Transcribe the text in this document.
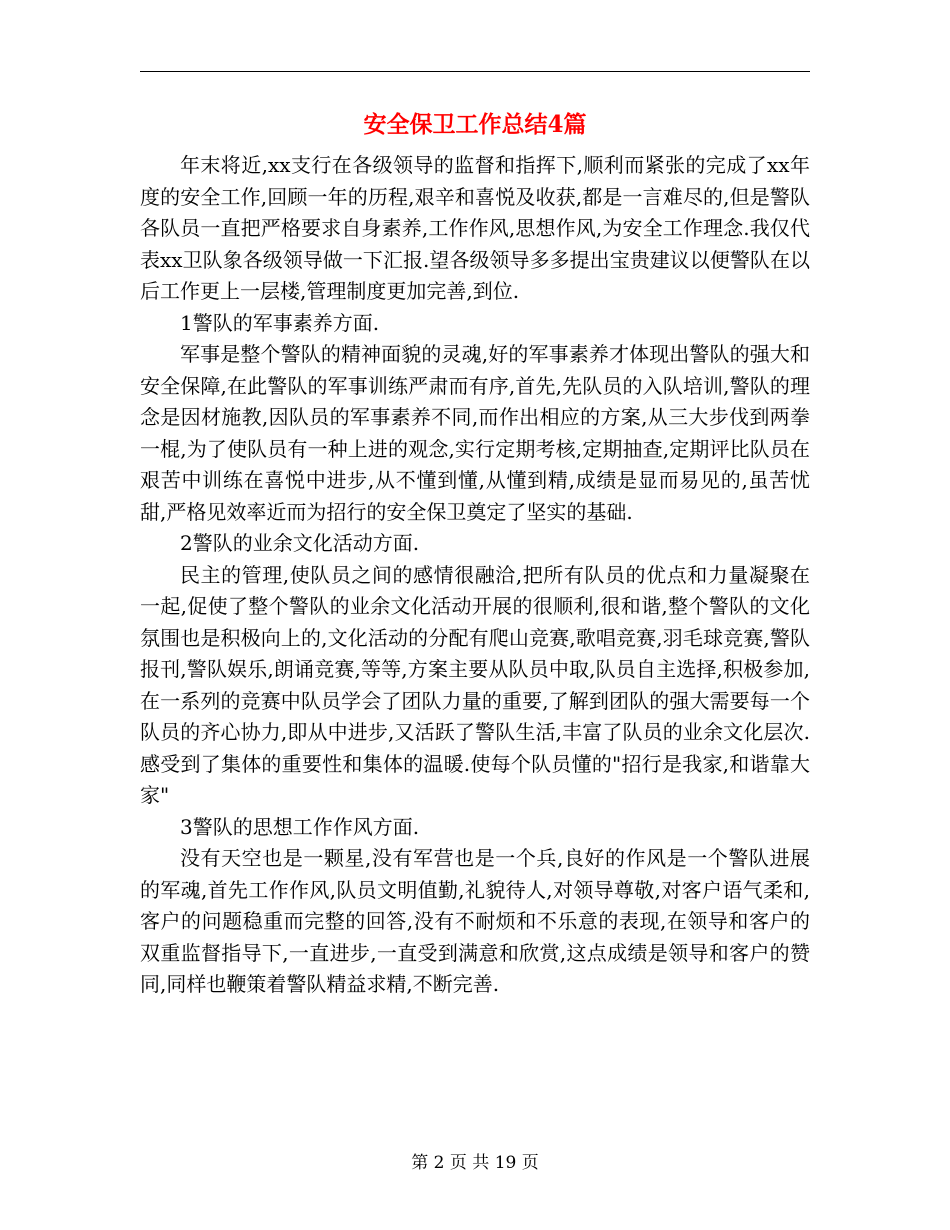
安全保卫工作总结4篇

年末将近,xx支行在各级领导的监督和指挥下,顺利而紧张的完成了xx年度的安全工作,回顾一年的历程,艰辛和喜悦及收获,都是一言难尽的,但是警队各队员一直把严格要求自身素养,工作作风,思想作风,为安全工作理念.我仅代表xx卫队象各级领导做一下汇报.望各级领导多多提出宝贵建议以便警队在以后工作更上一层楼,管理制度更加完善,到位.

1警队的军事素养方面.

军事是整个警队的精神面貌的灵魂,好的军事素养才体现出警队的强大和安全保障,在此警队的军事训练严肃而有序,首先,先队员的入队培训,警队的理念是因材施教,因队员的军事素养不同,而作出相应的方案,从三大步伐到两拳一棍,为了使队员有一种上进的观念,实行定期考核,定期抽查,定期评比队员在艰苦中训练在喜悦中进步,从不懂到懂,从懂到精,成绩是显而易见的,虽苦忧甜,严格见效率近而为招行的安全保卫奠定了坚实的基础.

2警队的业余文化活动方面.

民主的管理,使队员之间的感情很融洽,把所有队员的优点和力量凝聚在一起,促使了整个警队的业余文化活动开展的很顺利,很和谐,整个警队的文化氛围也是积极向上的,文化活动的分配有爬山竞赛,歌唱竞赛,羽毛球竞赛,警队报刊,警队娱乐,朗诵竞赛,等等,方案主要从队员中取,队员自主选择,积极参加,在一系列的竞赛中队员学会了团队力量的重要,了解到团队的强大需要每一个队员的齐心协力,即从中进步,又活跃了警队生活,丰富了队员的业余文化层次.感受到了集体的重要性和集体的温暖.使每个队员懂的"招行是我家,和谐靠大家"

3警队的思想工作作风方面.

没有天空也是一颗星,没有军营也是一个兵,良好的作风是一个警队进展的军魂,首先工作作风,队员文明值勤,礼貌待人,对领导尊敬,对客户语气柔和,客户的问题稳重而完整的回答,没有不耐烦和不乐意的表现,在领导和客户的双重监督指导下,一直进步,一直受到满意和欣赏,这点成绩是领导和客户的赞同,同样也鞭策着警队精益求精,不断完善.

第 2 页 共 19 页
